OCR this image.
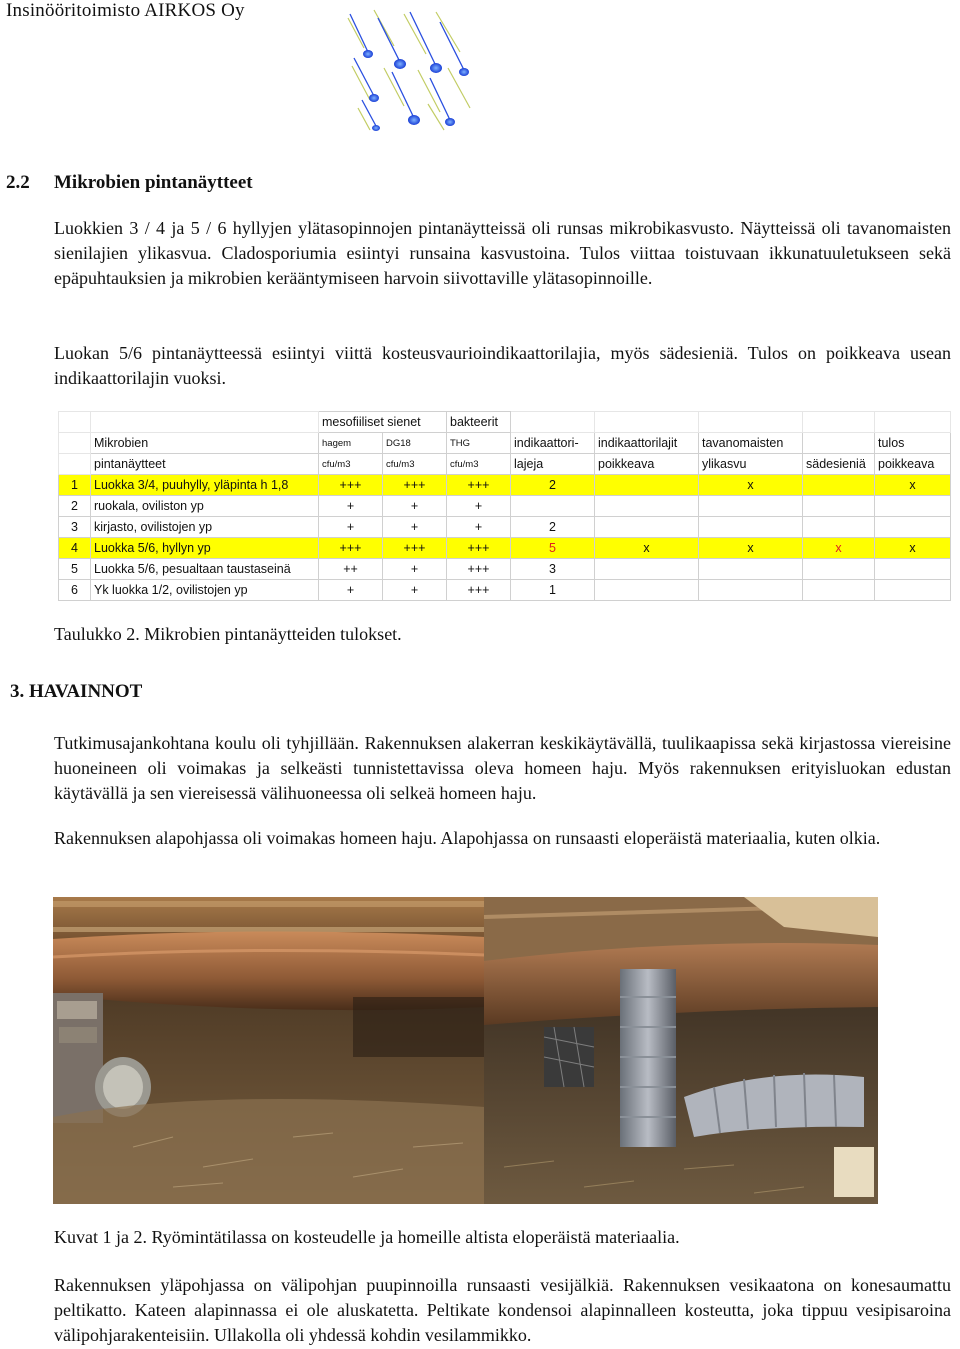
Insinööritoimisto AIRKOS Oy
2.2 Mikrobien pintanäytteet
Luokkien 3 / 4 ja 5 / 6 hyllyjen ylätasopinnojen pintanäytteissä oli runsas mikrobikasvusto. Näytteissä oli tavanomaisten sienilajien ylikasvua. Cladosporiumia esiintyi runsaina kasvustoina. Tulos viittaa toistuvaan ikkunatuuletukseen sekä epäpuhtauksien ja mikrobien kerääntymiseen harvoin siivottaville ylätasopinnoille.
Luokan 5/6 pintanäytteessä esiintyi viittä kosteusvaurioindikaattorilajia, myös sädesieniä. Tulos on poikkeava usean indikaattorilajin vuoksi.
		mesofiiliset sienet		bakteerit					
	Mikrobien	hagem	DG18	THG	indikaattori-	indikaattorilajit	tavanomaisten		tulos
	pintanäytteet	cfu/m3	cfu/m3	cfu/m3	lajeja	poikkeava	ylikasvu	sädesieniä	poikkeava
1	Luokka 3/4, puuhylly, yläpinta h 1,8	+++	+++	+++	2		x		x
2	ruokala, oviliston yp	+	+	+					
3	kirjasto, ovilistojen yp	+	+	+	2				
4	Luokka 5/6, hyllyn yp	+++	+++	+++	5	x	x	x	x
5	Luokka 5/6, pesualtaan taustaseinä	++	+	+++	3				
6	Yk luokka 1/2, ovilistojen yp	+	+	+++	1				
Taulukko 2. Mikrobien pintanäytteiden tulokset.
3. HAVAINNOT
Tutkimusajankohtana koulu oli tyhjillään. Rakennuksen alakerran keskikäytävällä, tuulikaapissa sekä kirjastossa viereisine huoneineen oli voimakas ja selkeästi tunnistettavissa oleva homeen haju. Myös rakennuksen erityisluokan edustan käytävällä ja sen viereisessä välihuoneessa oli selkeä homeen haju.
Rakennuksen alapohjassa oli voimakas homeen haju. Alapohjassa on runsaasti eloperäistä materiaalia, kuten olkia.
Kuvat 1 ja 2. Ryömintätilassa on kosteudelle ja homeille altista eloperäistä materiaalia.
Rakennuksen yläpohjassa on välipohjan puupinnoilla runsaasti vesijälkiä. Rakennuksen vesikaatona on konesaumattu peltikatto. Kateen alapinnassa ei ole aluskatetta. Peltikate kondensoi alapinnalleen kosteutta, joka tippuu vesipisaroina välipohjarakenteisiin. Ullakolla oli yhdessä kohdin vesilammikko.
